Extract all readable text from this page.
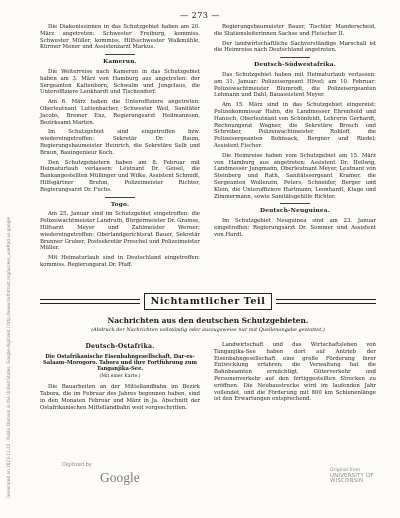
Generated on 2023-11-22 · Public Domain in the United States, Google-digitized / http://www.hathitrust.org/access_use#pd-us-google
— 273 —

Die Diakonissinnen in das Schutzgebiet haben am 20. März angetreten: Schwester Freiburg, kommiss. Schwester Müller, kommiss. Hilfsschwester Walkmühle, Kürmer Mener und Assistenzarzt Markus.

Kamerun.

Die Weiterreise nach Kamerun in das Schutzgebiet haben am 3. März von Hamburg aus angetreten: der Sergeanten Kaltenborn, Schwalm und Jungclaus, die Unteroffiziere Lenkhardt und Tischendorf.

Am 6. März haben die Unteroffiziere angetreten: Oberleutnant Luttenbacher, Schwester Weil, Sanitäter Jacobs, Bremer Enz, Regierungsarzt Heilmannsen, Bezirksamt Marten.

Im Schutzgebiet sind eingetroffen bzw. wiedereingetroffen: Sekretär Dr. Baum, Regierungsbaumeister Heinrich, die Sekretäre Selb und Braun, Bauingenieur Koch.

Den Schutzgebietern haben am 8. Februar mit Heimaturlaub verlassen: Leutnant Dr. Geisel, die Bankangestellten Müllinger und Wilke, Assistent Schmidt, Hilfsgärtner Brehm, Polizeimeister Richter, Regierungsarzt Dr. Fuchs.

Togo.

Am 25. Januar sind im Schutzgebiet eingetroffen: die Polizeiwachtmeister Landruth, Bürgermeister Dr. Gramse, Hilfsarzt Meyer und Zahlmeister Werner; wiedereingetroffen: Oberlandgerichtsrat Bauer, Sekretär Brunner Gruber, Postsekretär Preschel und Polizeimeister Müller.

Mit Heimaturlaub sind in Deutschland eingetroffen: kommiss. Regierungsrat Dr. Pfaff.

Regierungsbaumeister Bauer, Tischler Manderscheid, die Stationsleiterinnen Sachse und Fleischer II.

Der landwirtschaftliche Sachverständige Marschall ist die Heimreise nach Deutschland angetreten.

Deutsch-Südwestafrika.

Das Schutzgebiet haben mit Heimaturlaub verlassen: am 31. Januar: Polizeisergeant Hövel; am 10. Februar: Polizeiwachtmeister Blumrodt, die Polizeisergeanten Lehmann und Dahl, Bauassistent Meyer.

Am 15. März sind in das Schutzgebiet eingereist: Polizeikommissar Hahn, die Landmesser Ehrenhold und Hanisch, Oberleutnant von Schönfeldt, Lehrerin Gerhardt, Rechnungsrat Wagner, die Sekretäre Brosch und Schreiber, Polizeiwachtmeister Rohloff, die Polizeisergeanten Bohnsack, Bergner und Riedel; Assistent Fischer.

Die Heimreise haben vom Schutzgebiet am 15. März von Hamburg aus angetreten: Assistent Dr. Hellwig, Landmesser Jungmann, Oberleutnant Meyer, Leutnant von Steinberg und Rath, Sanitätssergeant Kramer, die Sergeanten Wollenzin, Peters, Schneider, Berger und Klein, die Unteroffiziere Hartmann, Leonhardt, Kluge und Zimmermann, sowie Sanitätsgehilfe Richter.

Deutsch-Neuguinea.

Im Schutzgebiet Neuguinea sind am 23. Januar eingetroffen: Regierungsarzt Dr. Sommer und Assistent von Hardt.

Nichtamtlicher Teil
Nachrichten aus den deutschen Schutzgebieten.
(Abdruck der Nachrichten vollständig oder auszugsweise nur mit Quellenangabe gestattet.)
Deutsch-Ostafrika.
Die Ostafrikanische Eisenbahngesellschaft, Dar-es-Salaam–Morogoro. Tabora und ihre Fortführung zum Tanganjika-See.
(Mit einer Karte.)

Die Bauarbeiten an der Mittellandbahn im Bezirk Tabora, die im Februar des Jahres begonnen haben, sind in den Monaten Februar und März in Ja. Abschnitt der Ostafrikanischen Mittellandbahn weit vorgeschritten.

Landwirtschaft und das Wirtschaftsleben von Tanganjika-See haben dort auf Antrieb der Eisenbahngesellschaft eine große Förderung ihrer Entwicklung erfahren; die Verwaltung hat die Bahnbeamten ermächtigt, Güterverkehr und Personenverkehr auf den fertiggestellten Strecken zu eröffnen. Die Neubaustrecke wird im laufenden Jahr vollendet, und die Förderung mit 800 km Schienenlänge ist den Erwartungen entsprechend.

Digitized by
Google	Original from
UNIVERSITY OF WISCONSIN
